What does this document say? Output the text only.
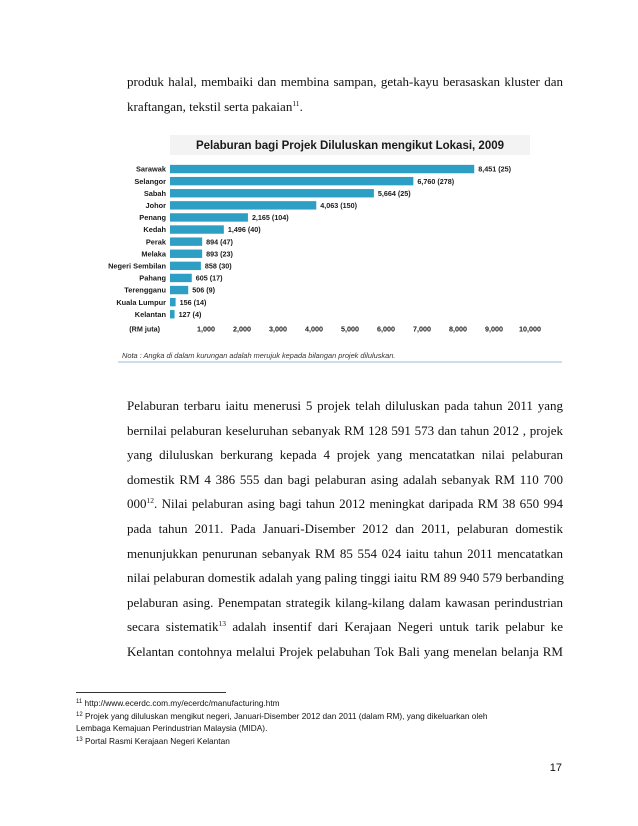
produk halal, membaiki dan membina sampan, getah-kayu berasaskan kluster dan
kraftangan, tekstil serta pakaian$^{11}$.
Pelaburan bagi Projek Diluluskan mengikut Lokasi, 2009
Sarawak	8,451 (25)
Selangor	6,760 (278)
Sabah	5,664 (25)
Johor	4,063 (150)
Penang	2,165 (104)
Kedah	1,496 (40)
Perak	894 (47)
Melaka	893 (23)
Negeri Sembilan	858 (30)
Pahang	605 (17)
Terengganu	506 (9)
Kuala Lumpur 156 (14)
Kelantan 127 (4)
(RM juta)	1,000	2,000	3,000	4,000	5,000	6,000	7,000	8,000	9,000 10,000
Nota : Angka di dalam kurungan adalah merujuk kepada bilangan projek diluluskan.
Pelaburan terbaru iaitu menerusi 5 projek telah diluluskan pada tahun 2011 yang
bernilai pelaburan keseluruhan sebanyak RM 128 591 573 dan tahun 2012 , projek
yang diluluskan berkurang kepada 4 projek yang mencatatkan nilai pelaburan
domestik RM 4 386 555 dan bagi pelaburan asing adalah sebanyak RM 110 700
$000^{12}$. Nilai pelaburan asing bagi tahun 2012 meningkat daripada RM 38 650 994
pada tahun 2011. Pada Januari-Disember 2012 dan 2011, pelaburan domestik
menunjukkan penurunan sebanyak RM 85 554 024 iaitu tahun 2011 mencatatkan
nilai pelaburan domestik adalah yang paling tinggi iaitu RM 89 940 579 berbanding
pelaburan asing. Penempatan strategik kilang-kilang dalam kawasan perindustrian
secara sistematik$^{13}$ adalah insentif dari Kerajaan Negeri untuk tarik pelabur ke
Kelantan contohnya melalui Projek pelabuhan Tok Bali yang menelan belanja RM
$^{11}$ http://www.ecerdc.com.my/ecerdc/manufacturing.htm
$^{12}$ Projek yang diluluskan mengikut negeri, Januari-Disember 2012 dan 2011 (dalam RM), yang dikeluarkan oleh
Lembaga Kemajuan Perindustrian Malaysia (MIDA).
$^{13}$ Portal Rasmi Kerajaan Negeri Kelantan
17
